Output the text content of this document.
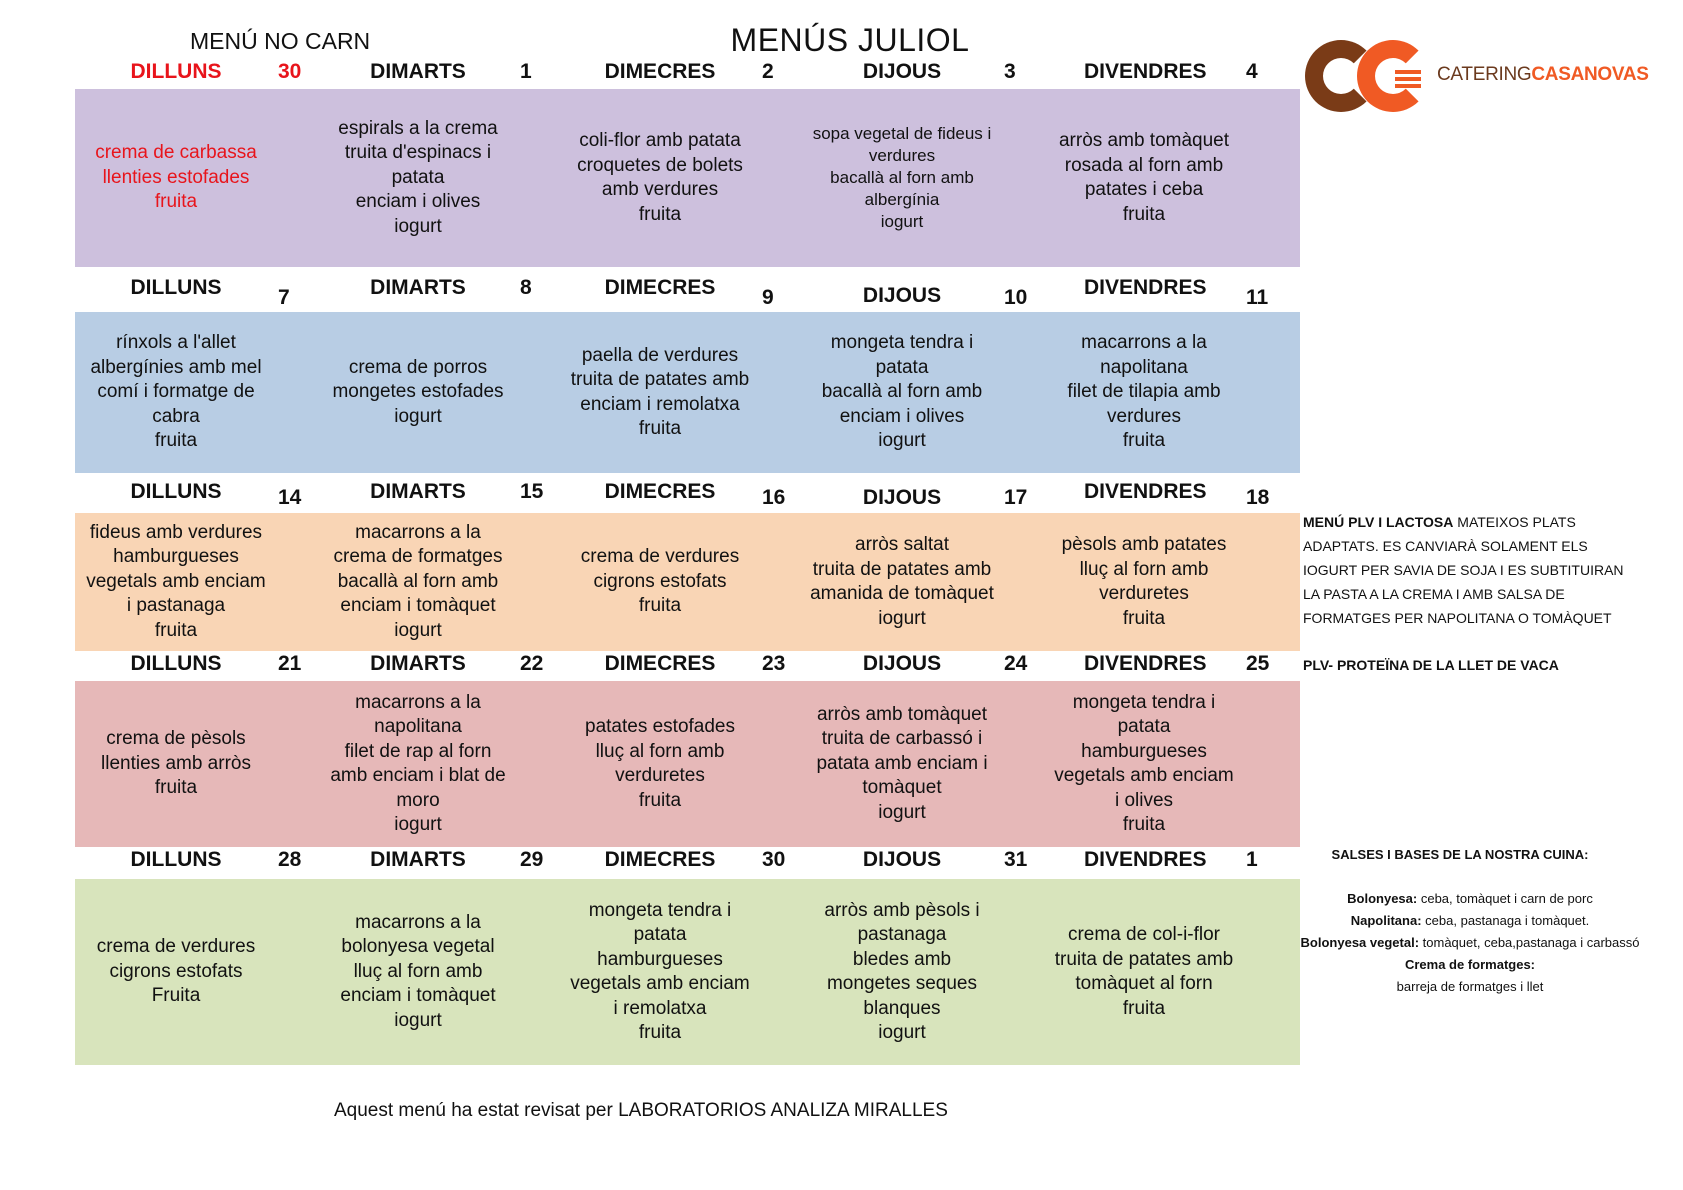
MENÚ NO CARN	MENÚS JULIOL
CATERINGCASANOVAS
DILLUNS	30
crema de carbassa
llenties estofades
fruita
DIMARTS	1
espirals a la crema
truita d'espinacs i
patata
enciam i olives
iogurt
DIMECRES 2
coli-flor amb patata
croquetes de bolets
amb verdures
fruita
DIJOUS	3
sopa vegetal de fideus i
verdures
bacallà al forn amb
albergínia
iogurt
DIVENDRES 4
arròs amb tomàquet
rosada al forn amb
patates i ceba
fruita
DILLUNS	7
rínxols a l'allet
albergínies amb mel
comí i formatge de
cabra
fruita
DIMARTS	8
crema de porros
mongetes estofades
iogurt
DIMECRES 9
paella de verdures
truita de patates amb
enciam i remolatxa
fruita
DIJOUS	10
mongeta tendra i
patata
bacallà al forn amb
enciam i olives
iogurt
DIVENDRES 11
macarrons a la
napolitana
filet de tilapia amb
verdures
fruita
DILLUNS	14
fideus amb verdures
hamburgueses
vegetals amb enciam
i pastanaga
fruita
DIMARTS	15
macarrons a la
crema de formatges
bacallà al forn amb
enciam i tomàquet
iogurt
DIMECRES 16
crema de verdures
cigrons estofats
fruita
DIJOUS	17
arròs saltat
truita de patates amb
amanida de tomàquet
iogurt
DIVENDRES 18
pèsols amb patates
lluç al forn amb
verduretes
fruita
DILLUNS	21
crema de pèsols
llenties amb arròs
fruita
DIMARTS	22
macarrons a la
napolitana
filet de rap al forn
amb enciam i blat de
moro
iogurt
DIMECRES 23
patates estofades
lluç al forn amb
verduretes
fruita
DIJOUS	24
arròs amb tomàquet
truita de carbassó i
patata amb enciam i
tomàquet
iogurt
DIVENDRES 25
mongeta tendra i
patata
hamburgueses
vegetals amb enciam
i olives
fruita
DILLUNS	28
crema de verdures
cigrons estofats
Fruita
DIMARTS	29
macarrons a la
bolonyesa vegetal
lluç al forn amb
enciam i tomàquet
iogurt
DIMECRES 30
mongeta tendra i
patata
hamburgueses
vegetals amb enciam
i remolatxa
fruita
DIJOUS	31
arròs amb pèsols i
pastanaga
bledes amb
mongetes seques
blanques
iogurt
DIVENDRES 1
crema de col-i-flor
truita de patates amb
tomàquet al forn
fruita
MENÚ PLV I LACTOSA MATEIXOS PLATS ADAPTATS. ES CANVIARÀ SOLAMENT ELS IOGURT PER SAVIA DE SOJA I ES SUBTITUIRAN LA PASTA A LA CREMA I AMB SALSA DE FORMATGES PER NAPOLITANA O TOMÀQUET
PLV- PROTEÏNA DE LA LLET DE VACA
SALSES I BASES DE LA NOSTRA CUINA:
Bolonyesa: ceba, tomàquet i carn de porc
Napolitana: ceba, pastanaga i tomàquet.
Bolonyesa vegetal: tomàquet, ceba,pastanaga i carbassó
Crema de formatges:
barreja de formatges i llet
Aquest menú ha estat revisat per LABORATORIOS ANALIZA MIRALLES
